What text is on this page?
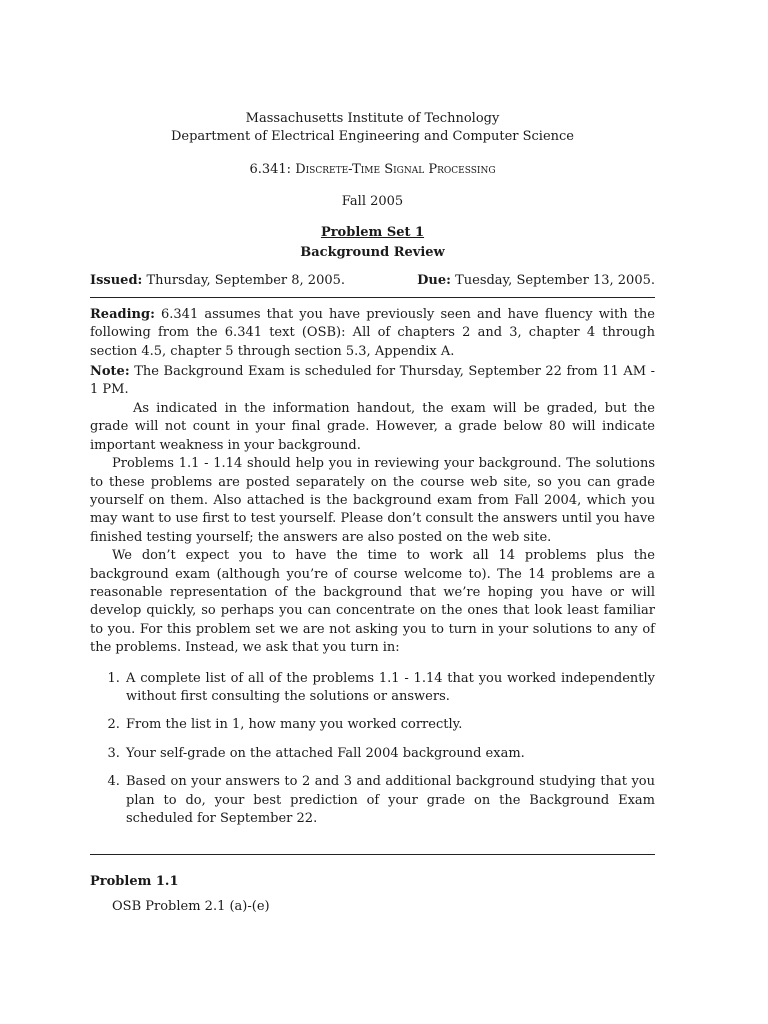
Massachusetts Institute of Technology
Department of Electrical Engineering and Computer Science
6.341: Discrete-Time Signal Processing
Fall 2005
Problem Set 1
Background Review
Issued: Thursday, September 8, 2005.	Due: Tuesday, September 13, 2005.

Reading: 6.341 assumes that you have previously seen and have fluency with the following from the 6.341 text (OSB): All of chapters 2 and 3, chapter 4 through section 4.5, chapter 5 through section 5.3, Appendix A.

Note: The Background Exam is scheduled for Thursday, September 22 from 11 AM - 1 PM.

As indicated in the information handout, the exam will be graded, but the grade will not count in your final grade. However, a grade below 80 will indicate important weakness in your background.

Problems 1.1 - 1.14 should help you in reviewing your background. The solutions to these problems are posted separately on the course web site, so you can grade yourself on them. Also attached is the background exam from Fall 2004, which you may want to use first to test yourself. Please don’t consult the answers until you have finished testing yourself; the answers are also posted on the web site.

We don’t expect you to have the time to work all 14 problems plus the background exam (although you’re of course welcome to). The 14 problems are a reasonable representation of the background that we’re hoping you have or will develop quickly, so perhaps you can concentrate on the ones that look least familiar to you. For this problem set we are not asking you to turn in your solutions to any of the problems. Instead, we ask that you turn in:

1. A complete list of all of the problems 1.1 - 1.14 that you worked independently without first consulting the solutions or answers.
2. From the list in 1, how many you worked correctly.
3. Your self-grade on the attached Fall 2004 background exam.
4. Based on your answers to 2 and 3 and additional background studying that you plan to do, your best prediction of your grade on the Background Exam scheduled for September 22.
Problem 1.1
OSB Problem 2.1 (a)-(e)
